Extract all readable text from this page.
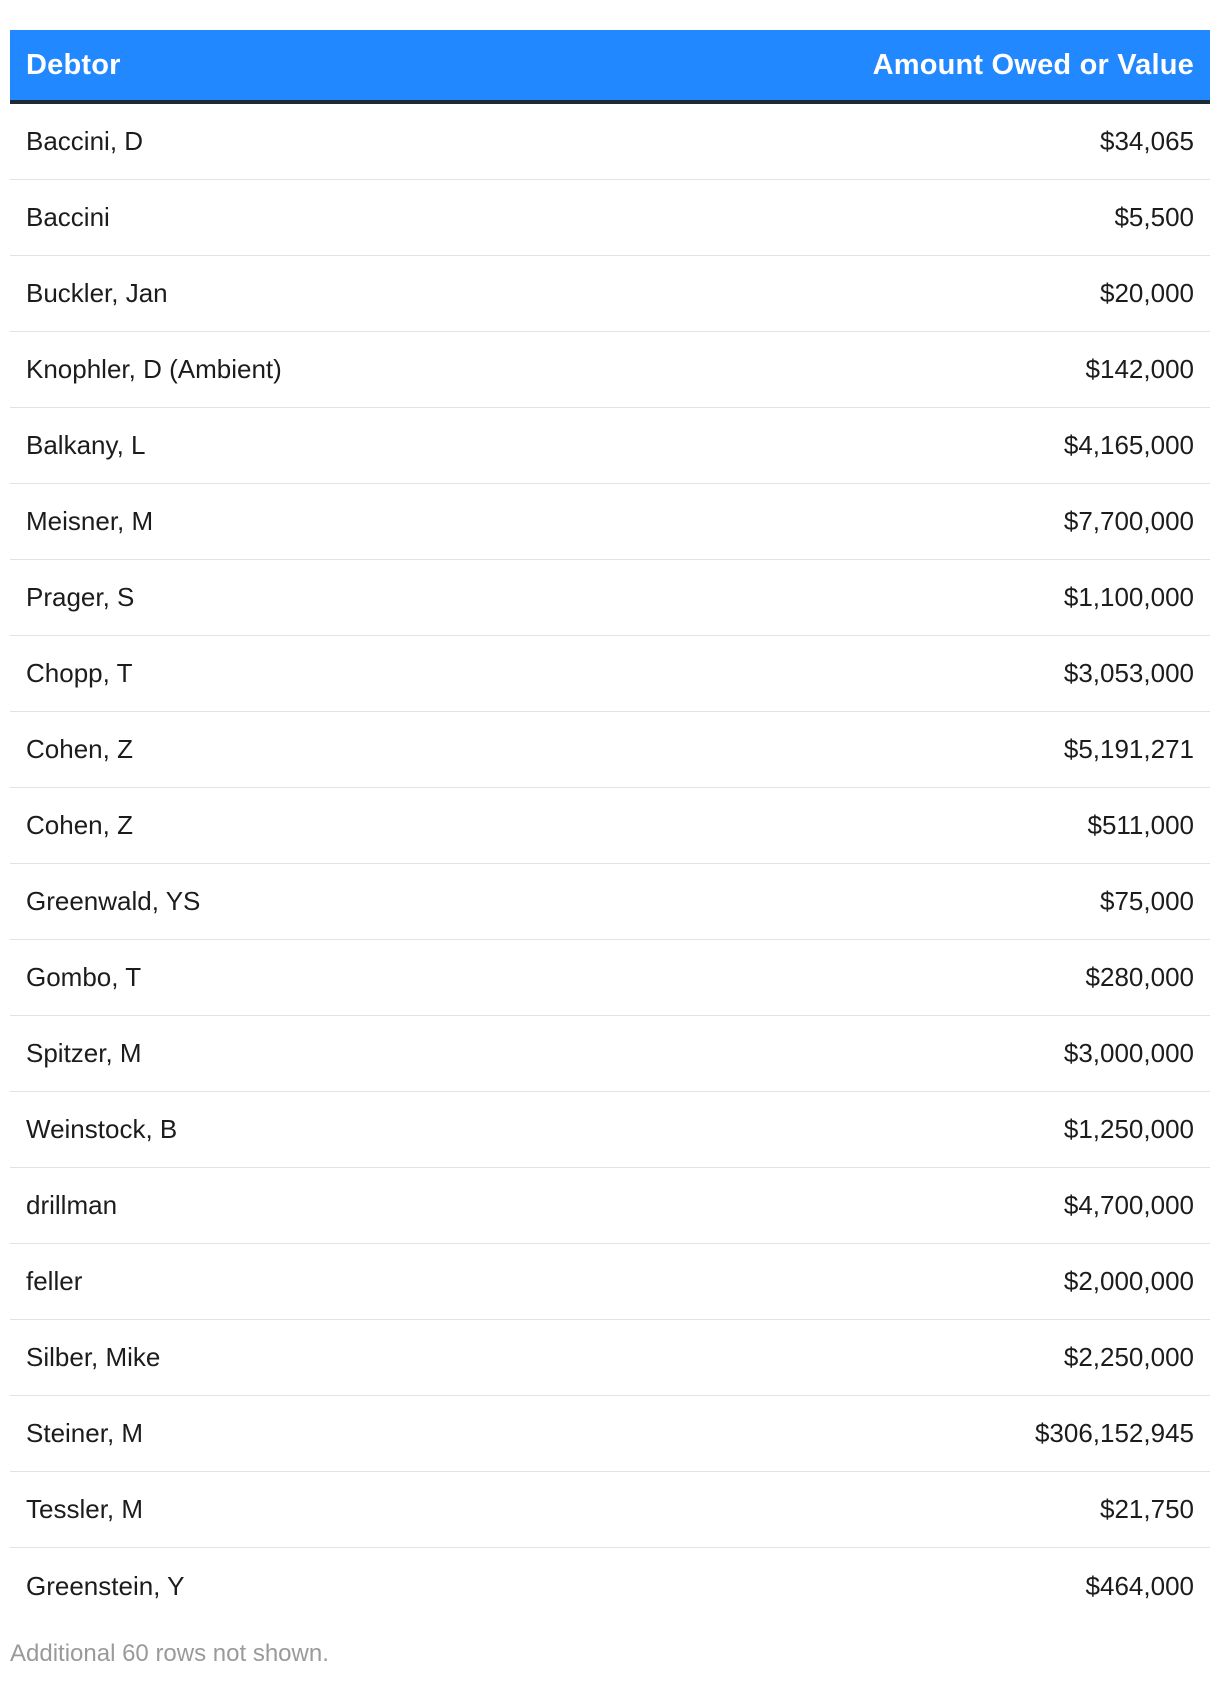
Debtor	Amount Owed or Value
Baccini, D	$34,065
Baccini	$5,500
Buckler, Jan	$20,000
Knophler, D (Ambient)	$142,000
Balkany, L	$4,165,000
Meisner, M	$7,700,000
Prager, S	$1,100,000
Chopp, T	$3,053,000
Cohen, Z	$5,191,271
Cohen, Z	$511,000
Greenwald, YS	$75,000
Gombo, T	$280,000
Spitzer, M	$3,000,000
Weinstock, B	$1,250,000
drillman	$4,700,000
feller	$2,000,000
Silber, Mike	$2,250,000
Steiner, M	$306,152,945
Tessler, M	$21,750
Greenstein, Y	$464,000
Additional 60 rows not shown.
